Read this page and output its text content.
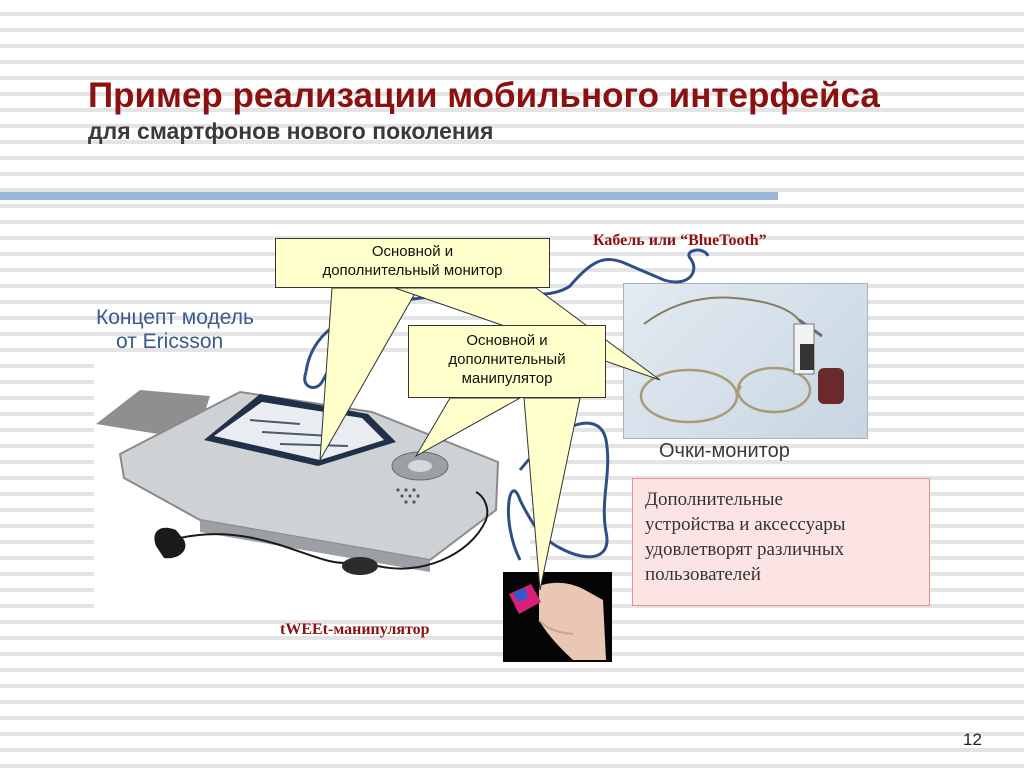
Пример реализации мобильного интерфейса
для смартфонов нового поколения
Основной и
дополнительный монитор
Основной и
дополнительный
манипулятор
Концепт модель
от Ericsson
Кабель или “BlueTooth”
Очки-монитор
Дополнительные
устройства и аксессуары
удовлетворят различных
пользователей
tWEEt-манипулятор
12
